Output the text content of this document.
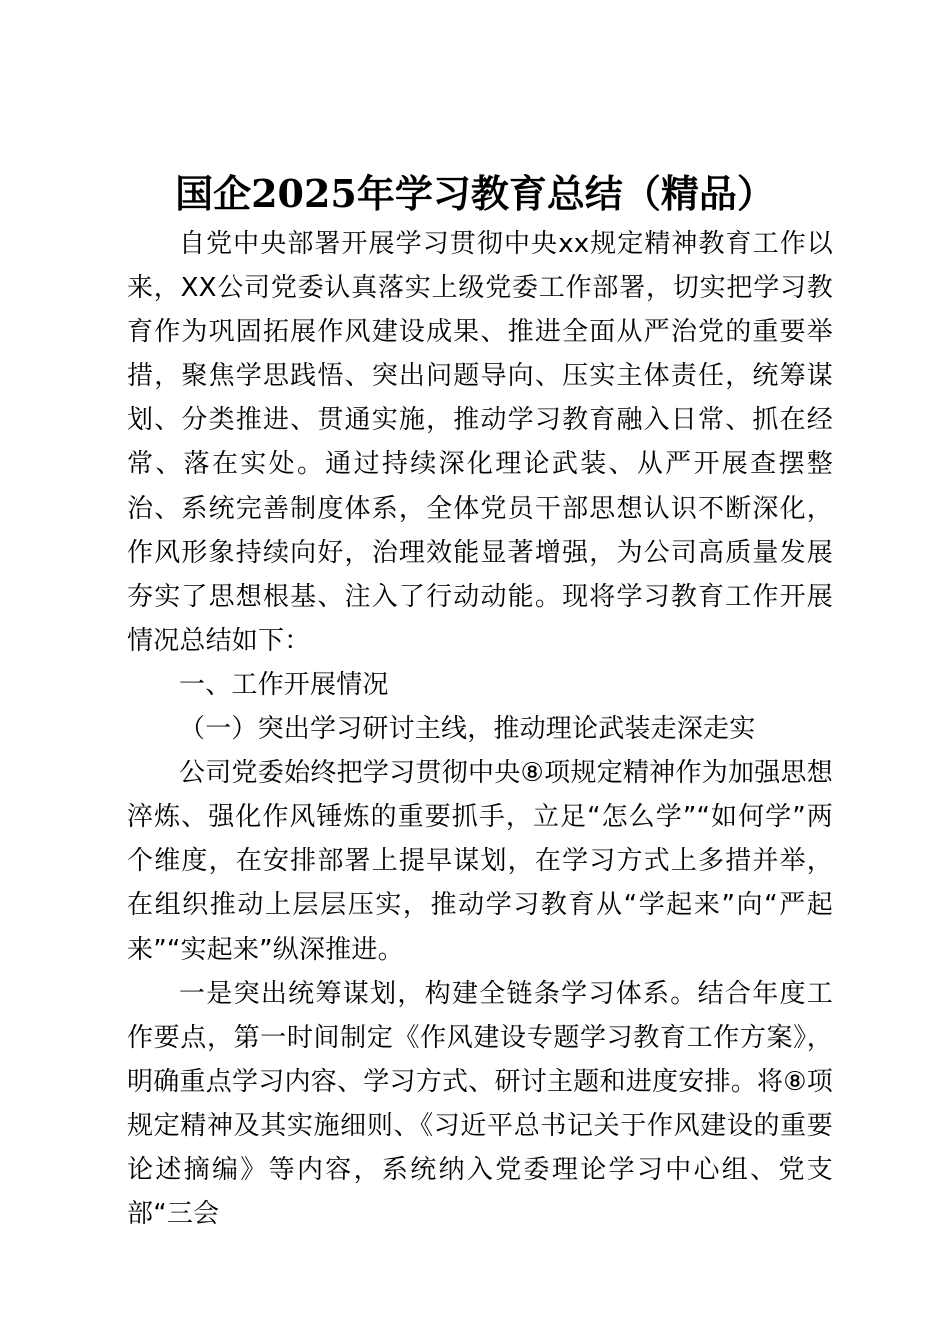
国企2025年学习教育总结（精品）

自党中央部署开展学习贯彻中央xx规定精神教育工作以来，XX公司党委认真落实上级党委工作部署，切实把学习教育作为巩固拓展作风建设成果、推进全面从严治党的重要举措，聚焦学思践悟、突出问题导向、压实主体责任，统筹谋划、分类推进、贯通实施，推动学习教育融入日常、抓在经常、落在实处。通过持续深化理论武装、从严开展查摆整治、系统完善制度体系，全体党员干部思想认识不断深化，作风形象持续向好，治理效能显著增强，为公司高质量发展夯实了思想根基、注入了行动动能。现将学习教育工作开展情况总结如下：

一、工作开展情况

（一）突出学习研讨主线，推动理论武装走深走实

公司党委始终把学习贯彻中央⑧项规定精神作为加强思想淬炼、强化作风锤炼的重要抓手，立足“怎么学”“如何学”两个维度，在安排部署上提早谋划，在学习方式上多措并举，在组织推动上层层压实，推动学习教育从“学起来”向“严起来”“实起来”纵深推进。

一是突出统筹谋划，构建全链条学习体系。结合年度工作要点，第一时间制定《作风建设专题学习教育工作方案》，明确重点学习内容、学习方式、研讨主题和进度安排。将⑧项规定精神及其实施细则、《习近平总书记关于作风建设的重要论述摘编》等内容，系统纳入党委理论学习中心组、党支部“三会
